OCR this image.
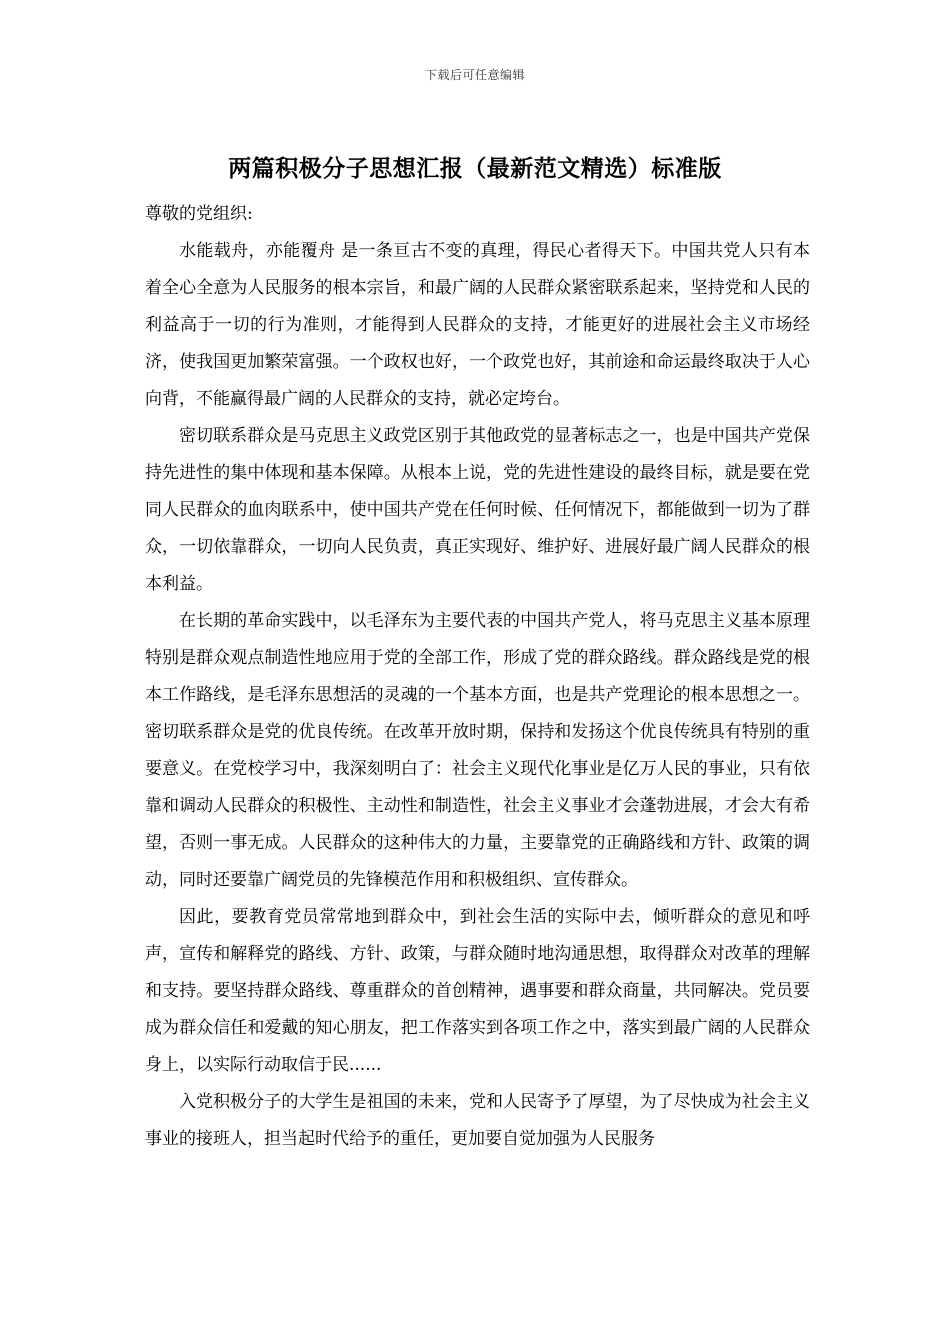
下载后可任意编辑
两篇积极分子思想汇报（最新范文精选）标准版

尊敬的党组织:

水能载舟，亦能覆舟 是一条亘古不变的真理，得民心者得天下。中国共党人只有本着全心全意为人民服务的根本宗旨，和最广阔的人民群众紧密联系起来，坚持党和人民的利益高于一切的行为准则，才能得到人民群众的支持，才能更好的进展社会主义市场经济，使我国更加繁荣富强。一个政权也好，一个政党也好，其前途和命运最终取决于人心向背，不能赢得最广阔的人民群众的支持，就必定垮台。

密切联系群众是马克思主义政党区别于其他政党的显著标志之一，也是中国共产党保持先进性的集中体现和基本保障。从根本上说，党的先进性建设的最终目标，就是要在党同人民群众的血肉联系中，使中国共产党在任何时候、任何情况下，都能做到一切为了群众，一切依靠群众，一切向人民负责，真正实现好、维护好、进展好最广阔人民群众的根本利益。

在长期的革命实践中，以毛泽东为主要代表的中国共产党人，将马克思主义基本原理特别是群众观点制造性地应用于党的全部工作，形成了党的群众路线。群众路线是党的根本工作路线，是毛泽东思想活的灵魂的一个基本方面，也是共产党理论的根本思想之一。密切联系群众是党的优良传统。在改革开放时期，保持和发扬这个优良传统具有特别的重要意义。在党校学习中，我深刻明白了：社会主义现代化事业是亿万人民的事业，只有依靠和调动人民群众的积极性、主动性和制造性，社会主义事业才会蓬勃进展，才会大有希望，否则一事无成。人民群众的这种伟大的力量，主要靠党的正确路线和方针、政策的调动，同时还要靠广阔党员的先锋模范作用和积极组织、宣传群众。

因此，要教育党员常常地到群众中，到社会生活的实际中去，倾听群众的意见和呼声，宣传和解释党的路线、方针、政策，与群众随时地沟通思想，取得群众对改革的理解和支持。要坚持群众路线、尊重群众的首创精神，遇事要和群众商量，共同解决。党员要成为群众信任和爱戴的知心朋友，把工作落实到各项工作之中，落实到最广阔的人民群众身上，以实际行动取信于民......

入党积极分子的大学生是祖国的未来，党和人民寄予了厚望，为了尽快成为社会主义事业的接班人，担当起时代给予的重任，更加要自觉加强为人民服务
